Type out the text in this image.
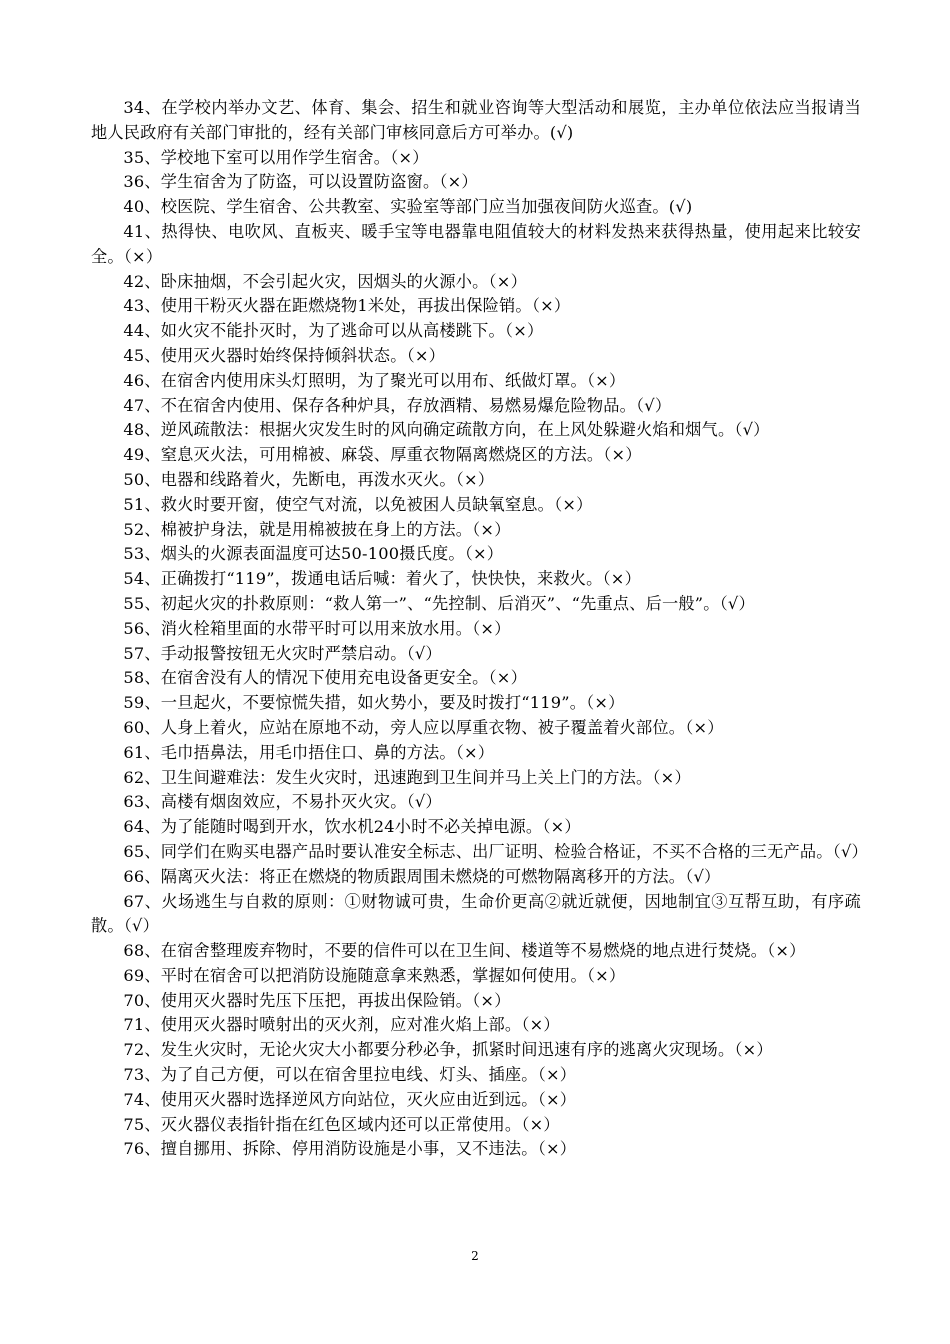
34、在学校内举办文艺、体育、集会、招生和就业咨询等大型活动和展览，主办单位依法应当报请当地人民政府有关部门审批的，经有关部门审核同意后方可举办。(√)

35、学校地下室可以用作学生宿舍。（×）

36、学生宿舍为了防盗，可以设置防盗窗。（×）

40、校医院、学生宿舍、公共教室、实验室等部门应当加强夜间防火巡查。(√)

41、热得快、电吹风、直板夹、暖手宝等电器靠电阻值较大的材料发热来获得热量，使用起来比较安全。（×）

42、卧床抽烟，不会引起火灾，因烟头的火源小。（×）

43、使用干粉灭火器在距燃烧物1米处，再拔出保险销。（×）

44、如火灾不能扑灭时，为了逃命可以从高楼跳下。（×）

45、使用灭火器时始终保持倾斜状态。（×）

46、在宿舍内使用床头灯照明，为了聚光可以用布、纸做灯罩。（×）

47、不在宿舍内使用、保存各种炉具，存放酒精、易燃易爆危险物品。（√）

48、逆风疏散法：根据火灾发生时的风向确定疏散方向，在上风处躲避火焰和烟气。（√）

49、窒息灭火法，可用棉被、麻袋、厚重衣物隔离燃烧区的方法。（×）

50、电器和线路着火，先断电，再泼水灭火。（×）

51、救火时要开窗，使空气对流，以免被困人员缺氧窒息。（×）

52、棉被护身法，就是用棉被披在身上的方法。（×）

53、烟头的火源表面温度可达50-100摄氏度。（×）

54、正确拨打“119”，拨通电话后喊：着火了，快快快，来救火。（×）

55、初起火灾的扑救原则：“救人第一”、“先控制、后消灭”、“先重点、后一般”。（√）

56、消火栓箱里面的水带平时可以用来放水用。（×）

57、手动报警按钮无火灾时严禁启动。（√）

58、在宿舍没有人的情况下使用充电设备更安全。（×）

59、一旦起火，不要惊慌失措，如火势小，要及时拨打“119”。（×）

60、人身上着火，应站在原地不动，旁人应以厚重衣物、被子覆盖着火部位。（×）

61、毛巾捂鼻法，用毛巾捂住口、鼻的方法。（×）

62、卫生间避难法：发生火灾时，迅速跑到卫生间并马上关上门的方法。（×）

63、高楼有烟囱效应，不易扑灭火灾。（√）

64、为了能随时喝到开水，饮水机24小时不必关掉电源。（×）

65、同学们在购买电器产品时要认准安全标志、出厂证明、检验合格证，不买不合格的三无产品。（√）

66、隔离灭火法：将正在燃烧的物质跟周围未燃烧的可燃物隔离移开的方法。（√）

67、火场逃生与自救的原则：①财物诚可贵，生命价更高②就近就便，因地制宜③互帮互助，有序疏散。（√）

68、在宿舍整理废弃物时，不要的信件可以在卫生间、楼道等不易燃烧的地点进行焚烧。（×）

69、平时在宿舍可以把消防设施随意拿来熟悉，掌握如何使用。（×）

70、使用灭火器时先压下压把，再拔出保险销。（×）

71、使用灭火器时喷射出的灭火剂，应对准火焰上部。（×）

72、发生火灾时，无论火灾大小都要分秒必争，抓紧时间迅速有序的逃离火灾现场。（×）

73、为了自己方便，可以在宿舍里拉电线、灯头、插座。（×）

74、使用灭火器时选择逆风方向站位，灭火应由近到远。（×）

75、灭火器仪表指针指在红色区域内还可以正常使用。（×）

76、擅自挪用、拆除、停用消防设施是小事，又不违法。（×）

2
